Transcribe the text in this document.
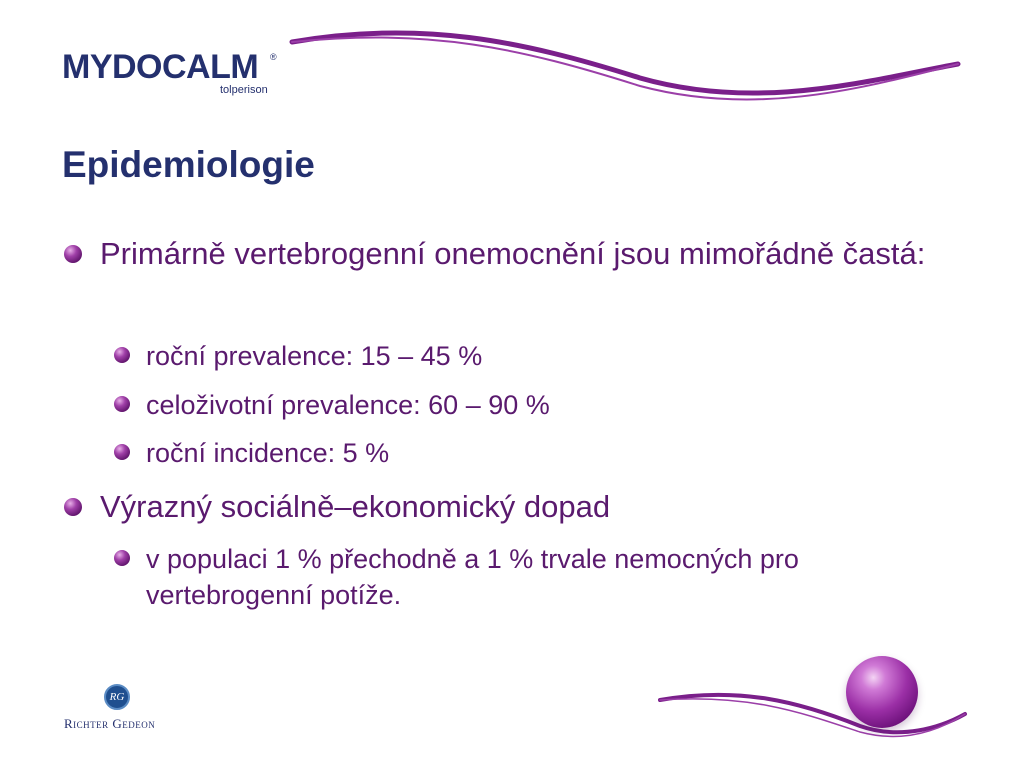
MYDOCALM ®
tolperison
Epidemiologie
Primárně vertebrogenní onemocnění jsou mimořádně častá:
roční prevalence: 15 – 45 %
celoživotní prevalence: 60 – 90 %
roční incidence: 5 %
Výrazný sociálně–ekonomický dopad
v populaci 1 % přechodně a 1 % trvale nemocných pro vertebrogenní potíže.
RG
Richter Gedeon
